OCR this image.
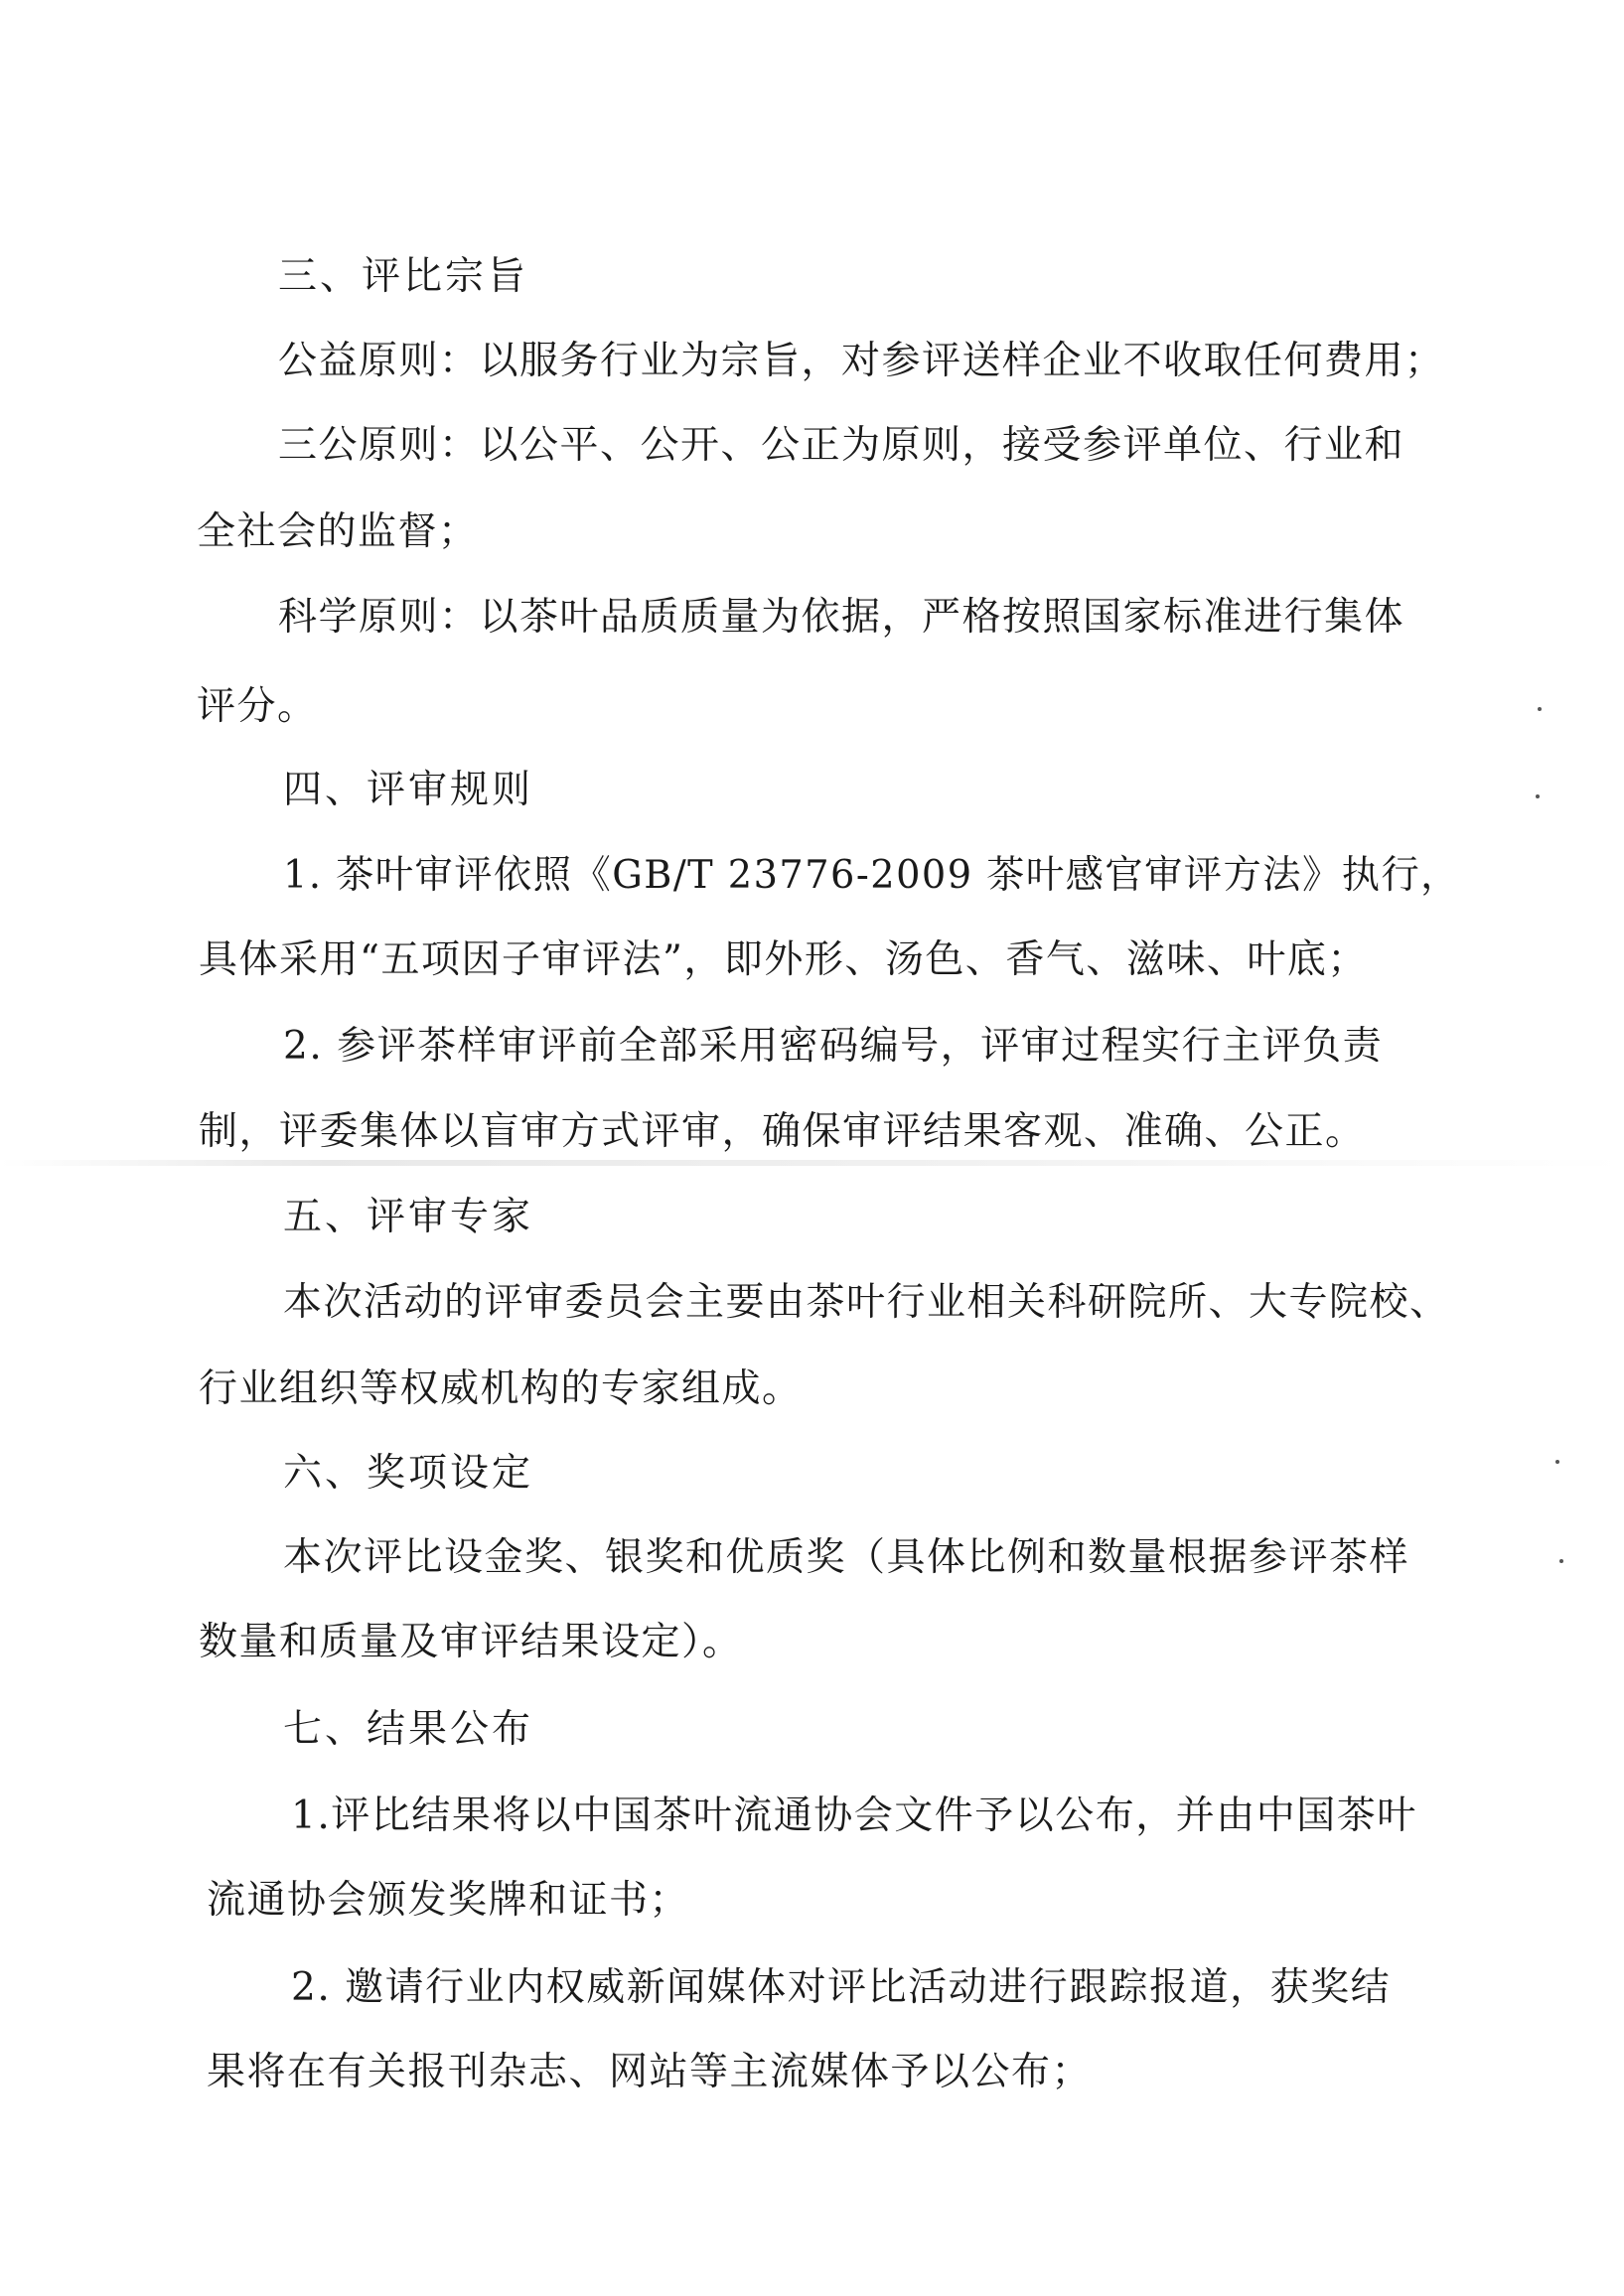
三、评比宗旨
公益原则：以服务行业为宗旨，对参评送样企业不收取任何费用；
三公原则：以公平、公开、公正为原则，接受参评单位、行业和
全社会的监督；
科学原则：以茶叶品质质量为依据，严格按照国家标准进行集体
评分。
四、评审规则
1. 茶叶审评依照《GB/T 23776-2009 茶叶感官审评方法》执行，
具体采用“五项因子审评法”，即外形、汤色、香气、滋味、叶底；
2. 参评茶样审评前全部采用密码编号，评审过程实行主评负责
制，评委集体以盲审方式评审，确保审评结果客观、准确、公正。
五、评审专家
本次活动的评审委员会主要由茶叶行业相关科研院所、大专院校、
行业组织等权威机构的专家组成。
六、奖项设定
本次评比设金奖、银奖和优质奖（具体比例和数量根据参评茶样
数量和质量及审评结果设定）。
七、结果公布
1.评比结果将以中国茶叶流通协会文件予以公布，并由中国茶叶
流通协会颁发奖牌和证书；
2. 邀请行业内权威新闻媒体对评比活动进行跟踪报道，获奖结
果将在有关报刊杂志、网站等主流媒体予以公布；
